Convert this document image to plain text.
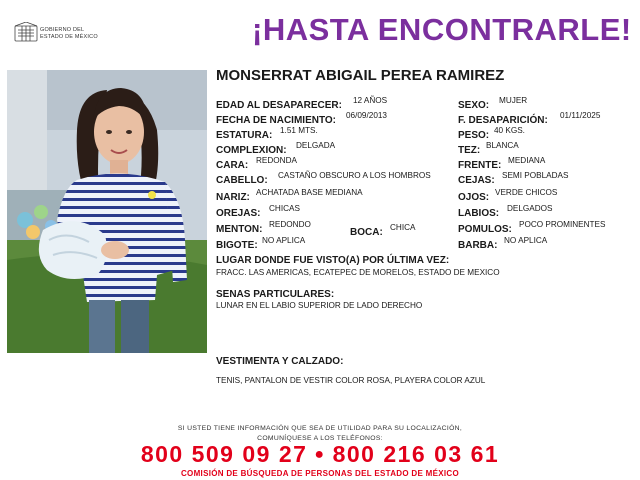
GOBIERNO DEL
ESTADO DE MÉXICO	¡HASTA ENCONTRARLE!
MONSERRAT ABIGAIL PEREA RAMIREZ
EDAD AL DESAPARECER: 12 AÑOS
FECHA DE NACIMIENTO: 06/09/2013
ESTATURA: 1.51 MTS.
COMPLEXION: DELGADA
CARA: REDONDA
CABELLO: CASTAÑO OBSCURO A LOS HOMBROS
NARIZ: ACHATADA BASE MEDIANA
OREJAS: CHICAS
MENTON: REDONDO
BOCA: CHICA
BIGOTE: NO APLICA
SEXO: MUJER
F. DESAPARICIÓN: 01/11/2025
PESO: 40 KGS.
TEZ: BLANCA
FRENTE: MEDIANA
CEJAS: SEMI POBLADAS
OJOS: VERDE CHICOS
LABIOS: DELGADOS
POMULOS: POCO PROMINENTES
BARBA: NO APLICA
LUGAR DONDE FUE VISTO(A) POR ÚLTIMA VEZ:
FRACC. LAS AMERICAS, ECATEPEC DE MORELOS, ESTADO DE MEXICO
SENAS PARTICULARES:
LUNAR EN EL LABIO SUPERIOR DE LADO DERECHO
VESTIMENTA Y CALZADO:
TENIS, PANTALON DE VESTIR COLOR ROSA, PLAYERA COLOR AZUL
SI USTED TIENE INFORMACIÓN QUE SEA DE UTILIDAD PARA SU LOCALIZACIÓN,
COMUNÍQUESE A LOS TELÉFONOS:
800 509 09 27 ● 800 216 03 61
COMISIÓN DE BÚSQUEDA DE PERSONAS DEL ESTADO DE MÉXICO
